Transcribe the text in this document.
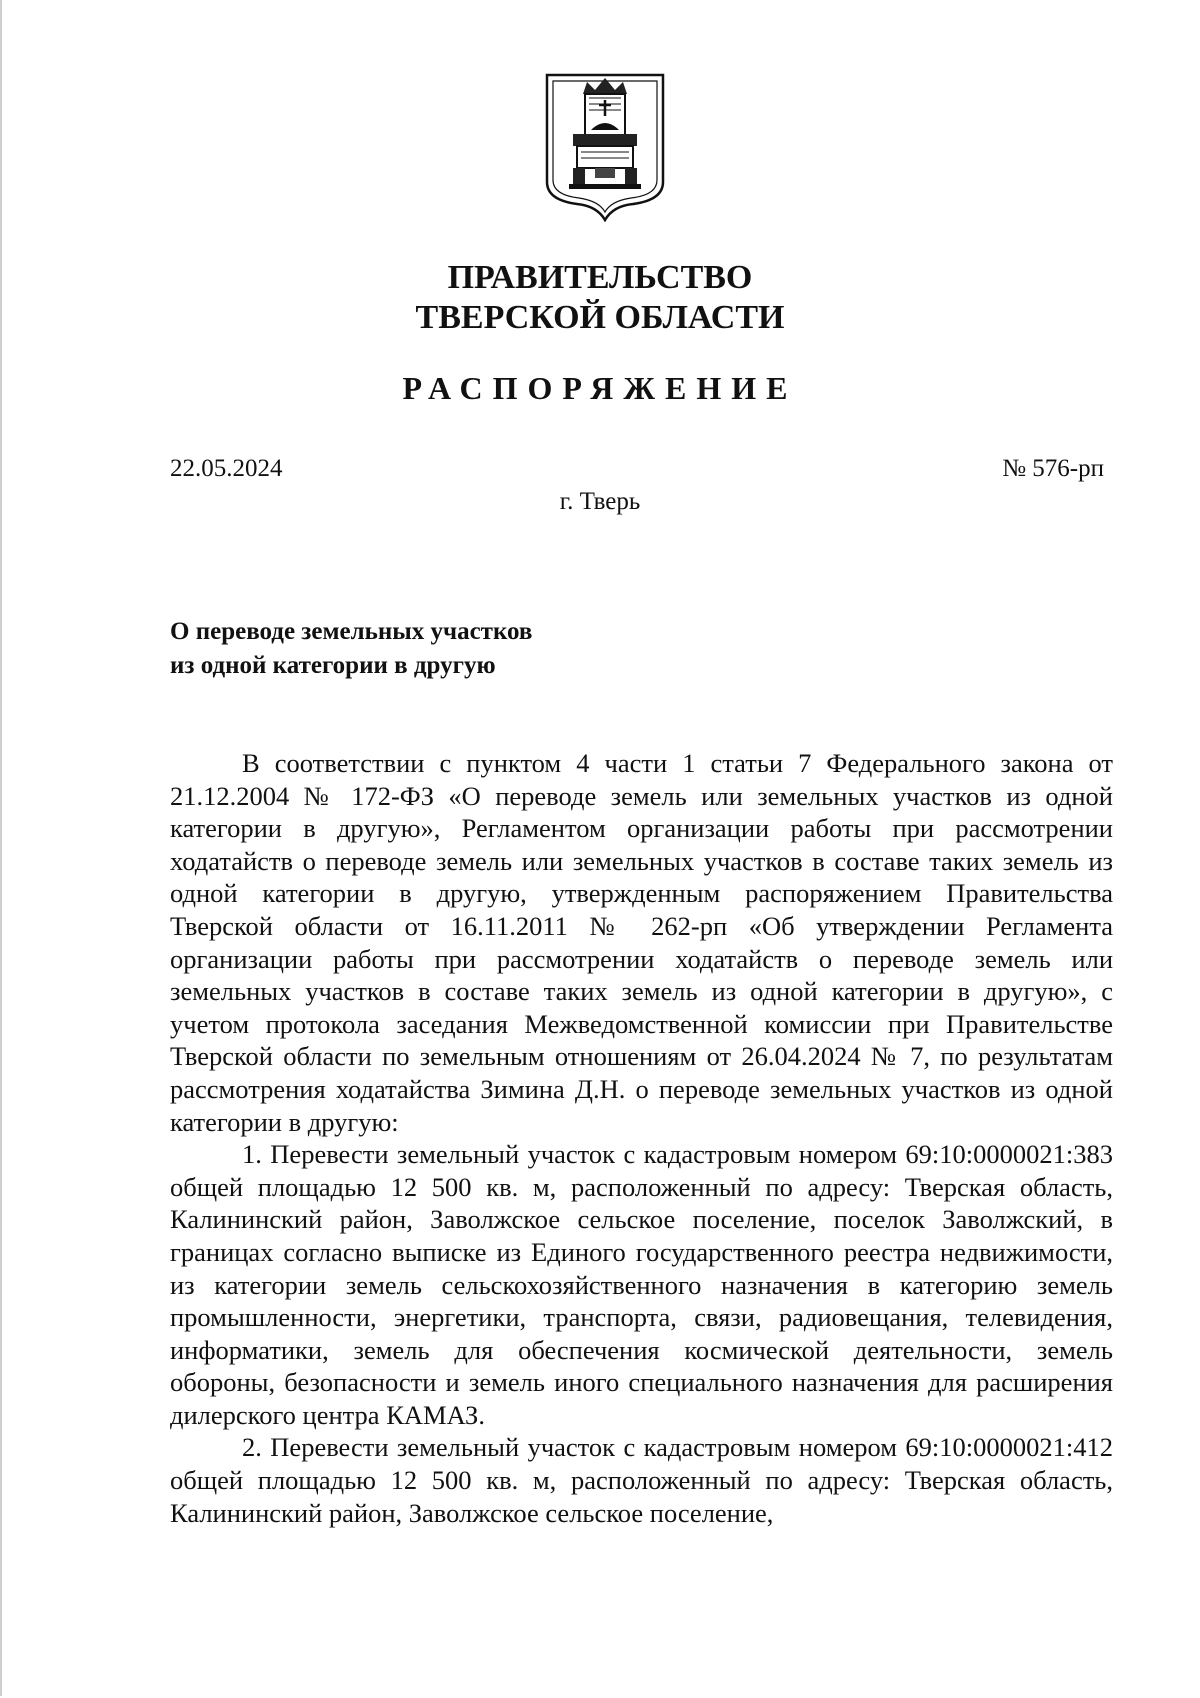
ПРАВИТЕЛЬСТВО
ТВЕРСКОЙ ОБЛАСТИ
РАСПОРЯЖЕНИЕ
22.05.2024	№ 576-рп
г. Тверь
О переводе земельных участков
из одной категории в другую

В соответствии с пунктом 4 части 1 статьи 7 Федерального закона от 21.12.2004 № 172-ФЗ «О переводе земель или земельных участков из одной категории в другую», Регламентом организации работы при рассмотрении ходатайств о переводе земель или земельных участков в составе таких земель из одной категории в другую, утвержденным распоряжением Правительства Тверской области от 16.11.2011 № 262-рп «Об утверждении Регламента организации работы при рассмотрении ходатайств о переводе земель или земельных участков в составе таких земель из одной категории в другую», с учетом протокола заседания Межведомственной комиссии при Правительстве Тверской области по земельным отношениям от 26.04.2024 № 7, по результатам рассмотрения ходатайства Зимина Д.Н. о переводе земельных участков из одной категории в другую:

1. Перевести земельный участок с кадастровым номером 69:10:0000021:383 общей площадью 12 500 кв. м, расположенный по адресу: Тверская область, Калининский район, Заволжское сельское поселение, поселок Заволжский, в границах согласно выписке из Единого государственного реестра недвижимости, из категории земель сельскохозяйственного назначения в категорию земель промышленности, энергетики, транспорта, связи, радиовещания, телевидения, информатики, земель для обеспечения космической деятельности, земель обороны, безопасности и земель иного специального назначения для расширения дилерского центра КАМАЗ.

2. Перевести земельный участок с кадастровым номером 69:10:0000021:412 общей площадью 12 500 кв. м, расположенный по адресу: Тверская область, Калининский район, Заволжское сельское поселение,
